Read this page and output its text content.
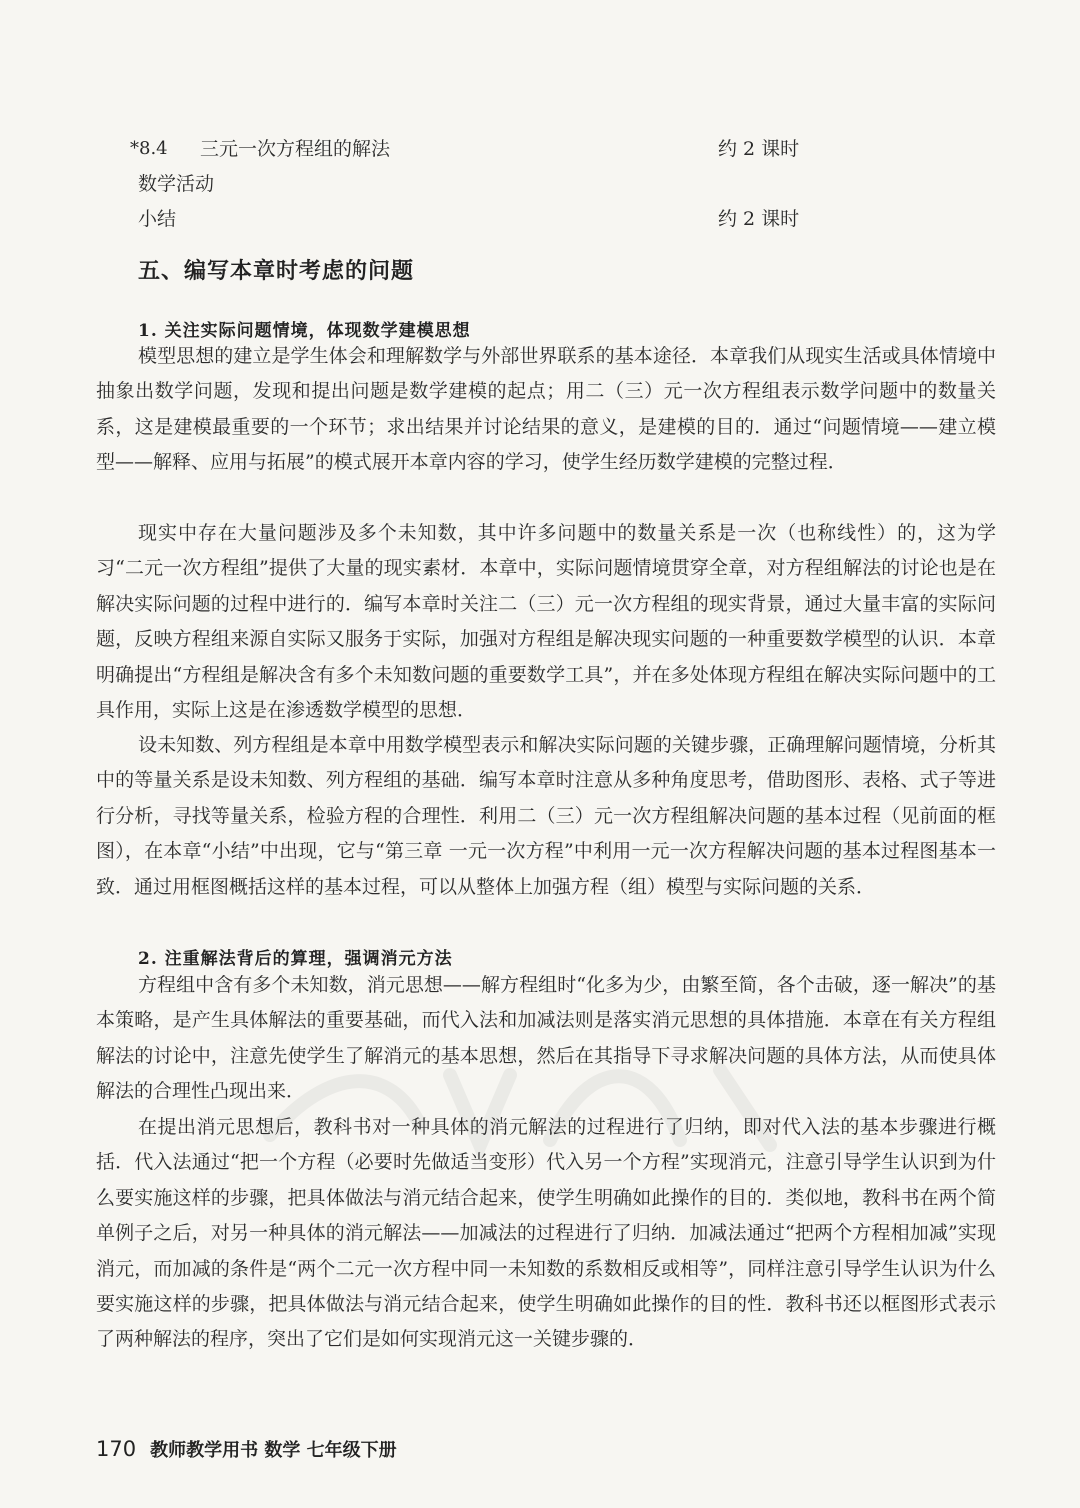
*8.4	三元一次方程组的解法	约 2 课时
数学活动
小结	约 2 课时
五、编写本章时考虑的问题
1. 关注实际问题情境，体现数学建模思想

模型思想的建立是学生体会和理解数学与外部世界联系的基本途径．本章我们从现实生活或具体情境中抽象出数学问题，发现和提出问题是数学建模的起点；用二（三）元一次方程组表示数学问题中的数量关系，这是建模最重要的一个环节；求出结果并讨论结果的意义，是建模的目的．通过“问题情境——建立模型——解释、应用与拓展”的模式展开本章内容的学习，使学生经历数学建模的完整过程．

现实中存在大量问题涉及多个未知数，其中许多问题中的数量关系是一次（也称线性）的，这为学习“二元一次方程组”提供了大量的现实素材．本章中，实际问题情境贯穿全章，对方程组解法的讨论也是在解决实际问题的过程中进行的．编写本章时关注二（三）元一次方程组的现实背景，通过大量丰富的实际问题，反映方程组来源自实际又服务于实际，加强对方程组是解决现实问题的一种重要数学模型的认识．本章明确提出“方程组是解决含有多个未知数问题的重要数学工具”，并在多处体现方程组在解决实际问题中的工具作用，实际上这是在渗透数学模型的思想．

设未知数、列方程组是本章中用数学模型表示和解决实际问题的关键步骤，正确理解问题情境，分析其中的等量关系是设未知数、列方程组的基础．编写本章时注意从多种角度思考，借助图形、表格、式子等进行分析，寻找等量关系，检验方程的合理性．利用二（三）元一次方程组解决问题的基本过程（见前面的框图），在本章“小结”中出现，它与“第三章 一元一次方程”中利用一元一次方程解决问题的基本过程图基本一致．通过用框图概括这样的基本过程，可以从整体上加强方程（组）模型与实际问题的关系．

2. 注重解法背后的算理，强调消元方法

方程组中含有多个未知数，消元思想——解方程组时“化多为少，由繁至简，各个击破，逐一解决”的基本策略，是产生具体解法的重要基础，而代入法和加减法则是落实消元思想的具体措施．本章在有关方程组解法的讨论中，注意先使学生了解消元的基本思想，然后在其指导下寻求解决问题的具体方法，从而使具体解法的合理性凸现出来．

在提出消元思想后，教科书对一种具体的消元解法的过程进行了归纳，即对代入法的基本步骤进行概括．代入法通过“把一个方程（必要时先做适当变形）代入另一个方程”实现消元，注意引导学生认识到为什么要实施这样的步骤，把具体做法与消元结合起来，使学生明确如此操作的目的．类似地，教科书在两个简单例子之后，对另一种具体的消元解法——加减法的过程进行了归纳．加减法通过“把两个方程相加减”实现消元，而加减的条件是“两个二元一次方程中同一未知数的系数相反或相等”，同样注意引导学生认识为什么要实施这样的步骤，把具体做法与消元结合起来，使学生明确如此操作的目的性．教科书还以框图形式表示了两种解法的程序，突出了它们是如何实现消元这一关键步骤的．

170 教师教学用书 数学 七年级下册
